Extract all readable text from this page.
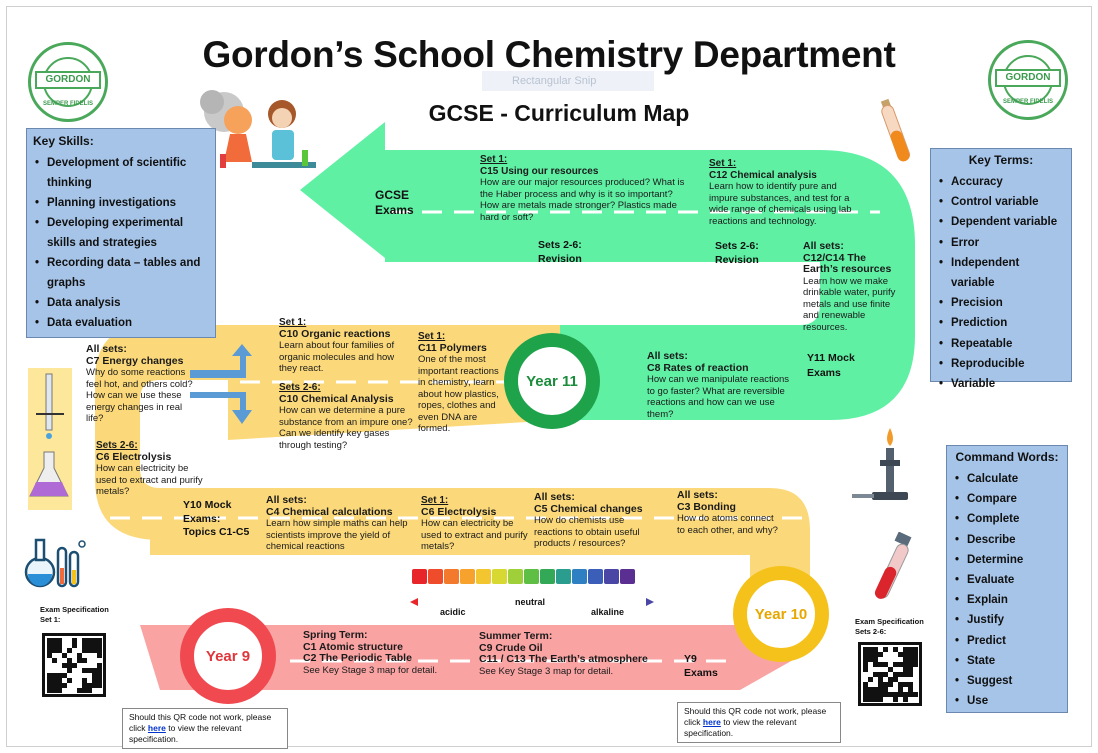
Rectangular Snip
Gordon’s School Chemistry Department
GCSE - Curriculum Map
GORDON
SEMPER FIDELIS
GORDON
SEMPER FIDELIS
Year 11
Year 10
Year 9
Key Skills:
• Development of scientific thinking
• Planning investigations
• Developing experimental skills and strategies
• Recording data – tables and graphs
• Data analysis
• Data evaluation
Key Terms:
• Accuracy
• Control variable
• Dependent variable
• Error
• Independent variable
• Precision
• Prediction
• Repeatable
• Reproducible
• Variable
Command Words:
• Calculate
• Compare
• Complete
• Describe
• Determine
• Evaluate
• Explain
• Justify
• Predict
• State
• Suggest
• Use
GCSE
Exams
Set 1:
C15 Using our resources
How are our major resources produced? What is the Haber process and why is it so important? How are metals made stronger? Plastics made hard or soft?
Set 1:
C12 Chemical analysis
Learn how to identify pure and impure substances, and test for a wide range of chemicals using lab reactions and technology.
Sets 2-6:
Revision
Sets 2-6:
Revision
All sets:
C12/C14 The Earth’s resources
Learn how we make drinkable water, purify metals and use finite and renewable resources.
Y11 Mock
Exams
Set 1:
C10 Organic reactions
Learn about four families of organic molecules and how they react.
Sets 2-6:
C10 Chemical Analysis
How can we determine a pure substance from an impure one? Can we identify key gases through testing?
Set 1:
C11 Polymers
One of the most important reactions in chemistry, learn about how plastics, ropes, clothes and even DNA are formed.
All sets:
C8 Rates of reaction
How can we manipulate reactions to go faster? What are reversible reactions and how can we use them?
All sets:
C7 Energy changes
Why do some reactions feel hot, and others cold? How can we use these energy changes in real life?
Sets 2-6:
C6 Electrolysis
How can electricity be used to extract and purify metals?
Y10 Mock
Exams:
Topics C1-C5
All sets:
C4 Chemical calculations
Learn how simple maths can help scientists improve the yield of chemical reactions
Set 1:
C6 Electrolysis
How can electricity be used to extract and purify metals?
All sets:
C5 Chemical changes
How do chemists use reactions to obtain useful products / resources?
All sets:
C3 Bonding
How do atoms connect to each other, and why?
neutral
acidic	alkaline
Spring Term:
C1 Atomic structure
C2 The Periodic Table
See Key Stage 3 map for detail.
Summer Term:
C9 Crude Oil
C11 / C13 The Earth’s atmosphere
See Key Stage 3 map for detail.
Y9
Exams
Exam Specification
Set 1:	Exam Specification
Sets 2-6:
Should this QR code not work, please click here to view the relevant specification.
Should this QR code not work, please click here to view the relevant specification.
